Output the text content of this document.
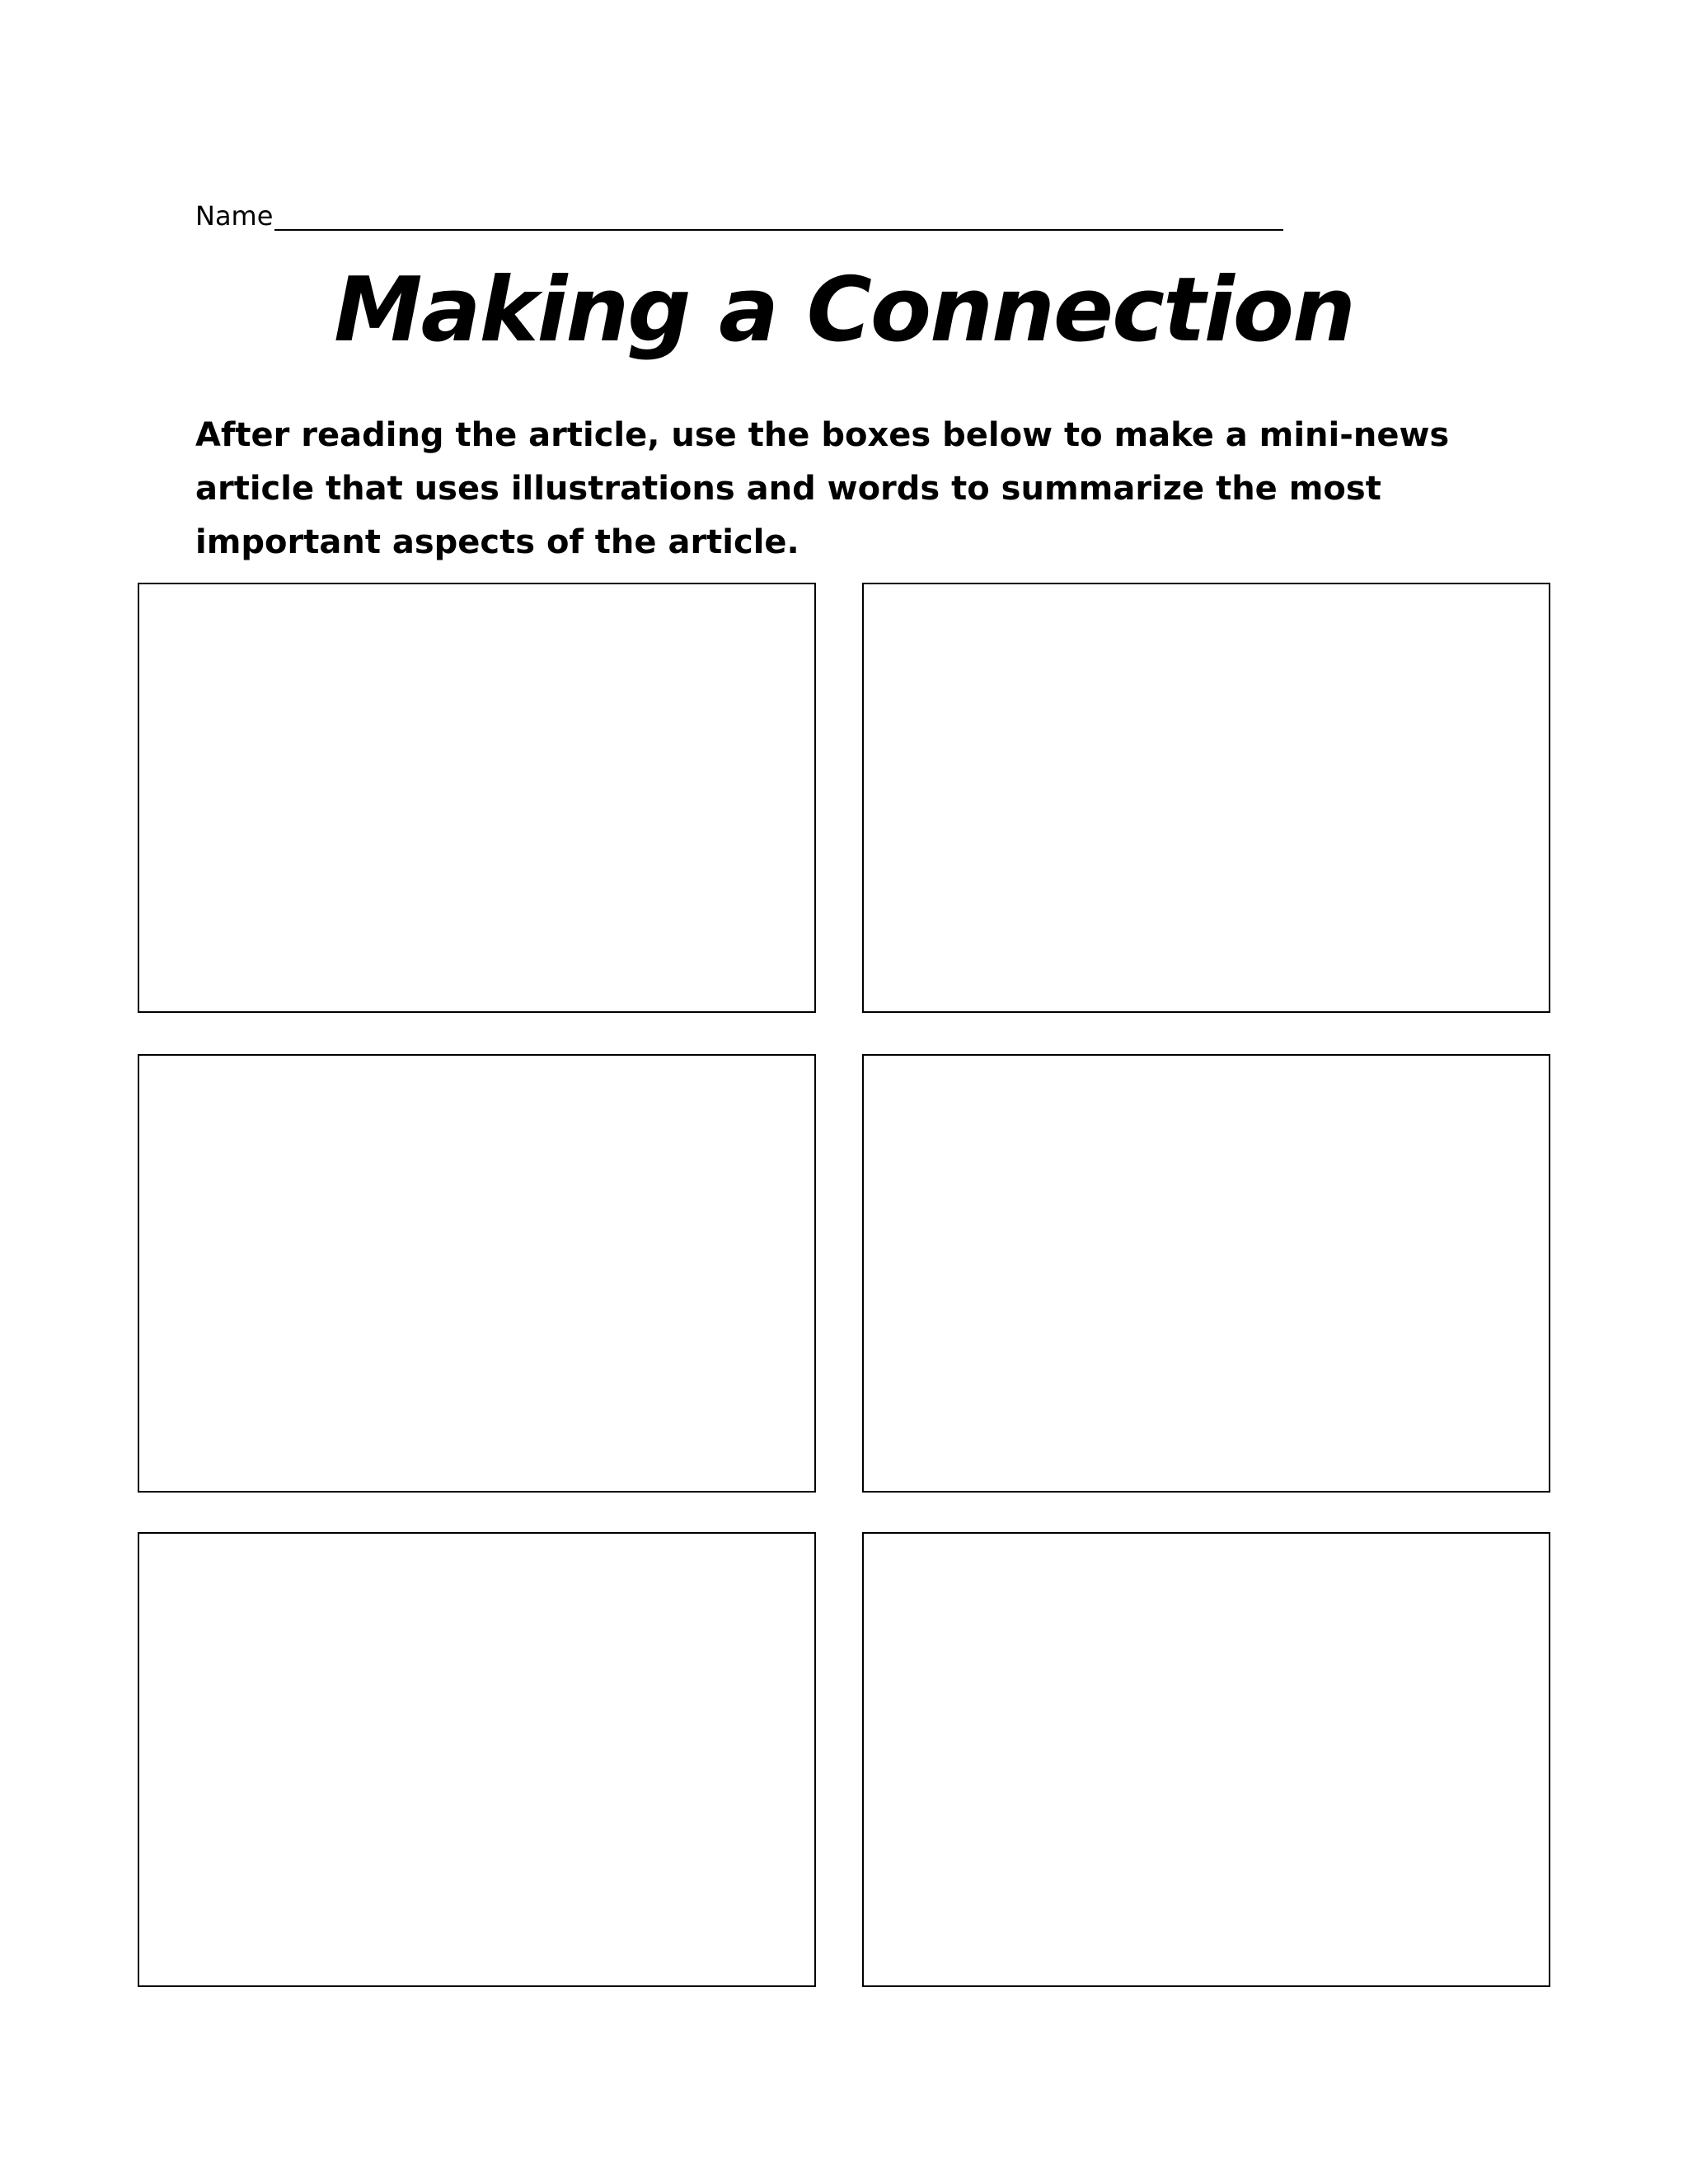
Name
Making a Connection

After reading the article, use the boxes below to make a mini-news article that uses illustrations and words to summarize the most important aspects of the article.
